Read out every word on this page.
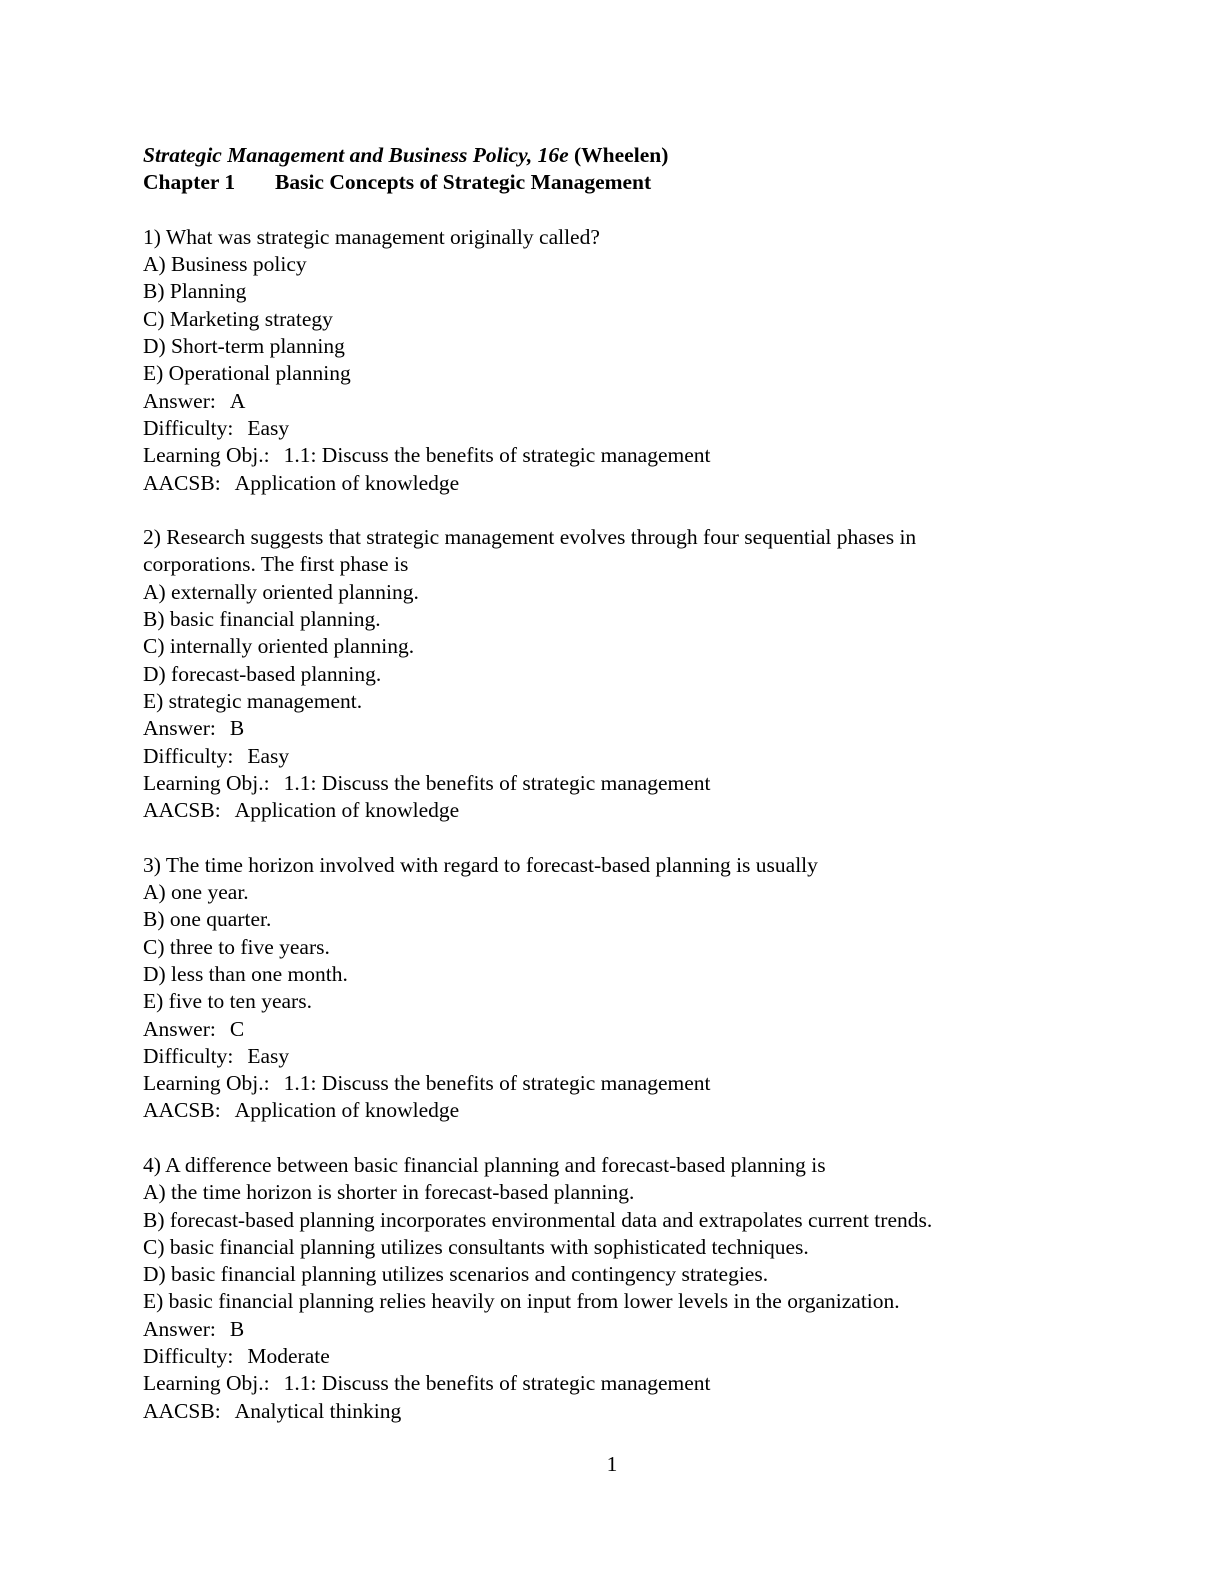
Strategic Management and Business Policy, 16e (Wheelen)

Chapter 1 Basic Concepts of Strategic Management

1) What was strategic management originally called?

A) Business policy

B) Planning

C) Marketing strategy

D) Short-term planning

E) Operational planning

Answer: A

Difficulty: Easy

Learning Obj.: 1.1: Discuss the benefits of strategic management

AACSB: Application of knowledge

2) Research suggests that strategic management evolves through four sequential phases in

corporations. The first phase is

A) externally oriented planning.

B) basic financial planning.

C) internally oriented planning.

D) forecast-based planning.

E) strategic management.

Answer: B

Difficulty: Easy

Learning Obj.: 1.1: Discuss the benefits of strategic management

AACSB: Application of knowledge

3) The time horizon involved with regard to forecast-based planning is usually

A) one year.

B) one quarter.

C) three to five years.

D) less than one month.

E) five to ten years.

Answer: C

Difficulty: Easy

Learning Obj.: 1.1: Discuss the benefits of strategic management

AACSB: Application of knowledge

4) A difference between basic financial planning and forecast-based planning is

A) the time horizon is shorter in forecast-based planning.

B) forecast-based planning incorporates environmental data and extrapolates current trends.

C) basic financial planning utilizes consultants with sophisticated techniques.

D) basic financial planning utilizes scenarios and contingency strategies.

E) basic financial planning relies heavily on input from lower levels in the organization.

Answer: B

Difficulty: Moderate

Learning Obj.: 1.1: Discuss the benefits of strategic management

AACSB: Analytical thinking

1
